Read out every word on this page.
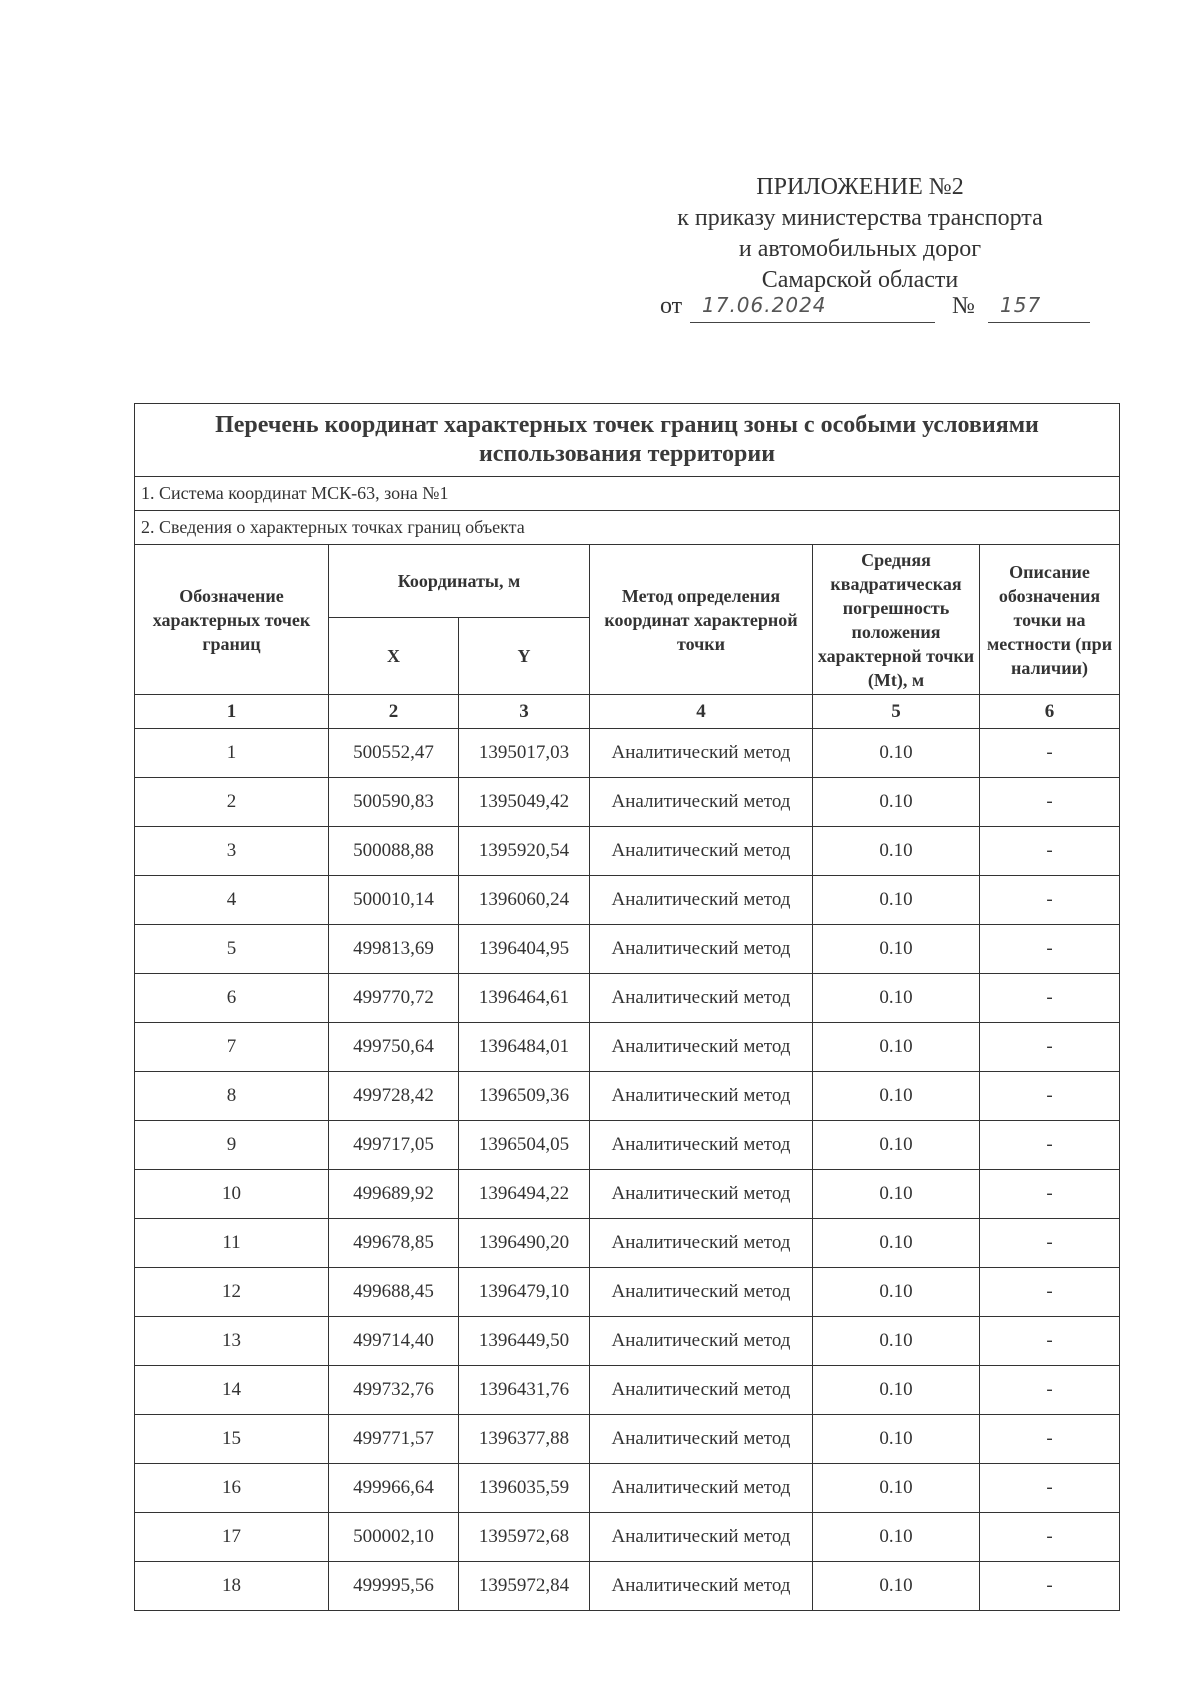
ПРИЛОЖЕНИЕ №2
к приказу министерства транспорта
и автомобильных дорог
Самарской области
от 17.06.2024	№	157
Перечень координат характерных точек границ зоны с особыми условиями использования территории					
1. Система координат МСК-63, зона №1					
2. Сведения о характерных точках границ объекта					
Обозначение характерных точек границ	Координаты, м		Метод определения координат характерной точки	Средняя квадратическая погрешность положения характерной точки (Mt), м	Описание обозначения точки на местности (при наличии)
	X	Y			
1	2	3	4	5	6
1	500552,47	1395017,03	Аналитический метод	0.10	-
2	500590,83	1395049,42	Аналитический метод	0.10	-
3	500088,88	1395920,54	Аналитический метод	0.10	-
4	500010,14	1396060,24	Аналитический метод	0.10	-
5	499813,69	1396404,95	Аналитический метод	0.10	-
6	499770,72	1396464,61	Аналитический метод	0.10	-
7	499750,64	1396484,01	Аналитический метод	0.10	-
8	499728,42	1396509,36	Аналитический метод	0.10	-
9	499717,05	1396504,05	Аналитический метод	0.10	-
10	499689,92	1396494,22	Аналитический метод	0.10	-
11	499678,85	1396490,20	Аналитический метод	0.10	-
12	499688,45	1396479,10	Аналитический метод	0.10	-
13	499714,40	1396449,50	Аналитический метод	0.10	-
14	499732,76	1396431,76	Аналитический метод	0.10	-
15	499771,57	1396377,88	Аналитический метод	0.10	-
16	499966,64	1396035,59	Аналитический метод	0.10	-
17	500002,10	1395972,68	Аналитический метод	0.10	-
18	499995,56	1395972,84	Аналитический метод	0.10	-
